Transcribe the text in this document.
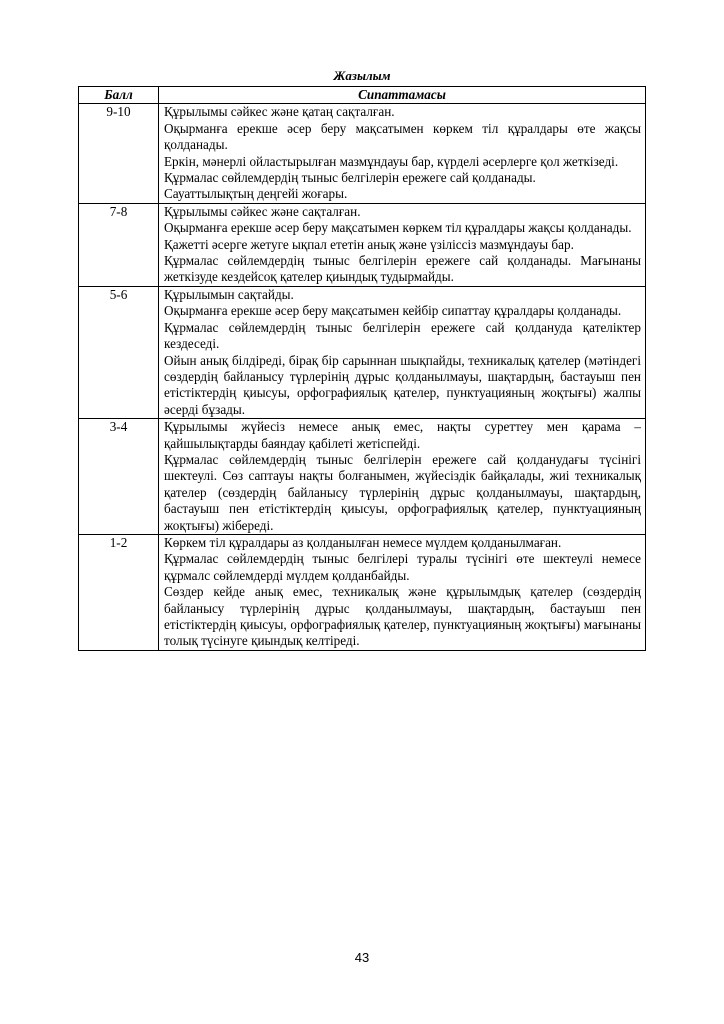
Жазылым
Балл	Сипаттамасы
9-10	Құрылымы сәйкес және қатаң сақталған.

Оқырманға ерекше әсер беру мақсатымен көркем тіл құралдары өте жақсы қолданады.

Еркін, мәнерлі ойластырылған мазмұндауы бар, күрделі әсерлерге қол жеткізеді.

Құрмалас сөйлемдердің тыныс белгілерін ережеге сай қолданады.

Сауаттылықтың деңгейі жоғары.

7-8	Құрылымы сәйкес және сақталған.

Оқырманға ерекше әсер беру мақсатымен көркем тіл құралдары жақсы қолданады.

Қажетті әсерге жетуге ықпал ететін анық және үзіліссіз мазмұндауы бар.

Құрмалас сөйлемдердің тыныс белгілерін ережеге сай қолданады. Мағынаны жеткізуде кездейсоқ қателер қиындық тудырмайды.

5-6	Құрылымын сақтайды.

Оқырманға ерекше әсер беру мақсатымен кейбір сипаттау құралдары қолданады.

Құрмалас сөйлемдердің тыныс белгілерін ережеге сай қолдануда қателіктер кездеседі.

Ойын анық білдіреді, бірақ бір сарыннан шықпайды, техникалық қателер (мәтіндегі сөздердің байланысу түрлерінің дұрыс қолданылмауы, шақтардың, бастауыш пен етістіктердің қиысуы, орфографиялық қателер, пунктуацияның жоқтығы) жалпы әсерді бұзады.

3-4	Құрылымы жүйесіз немесе анық емес, нақты суреттеу мен қарама – қайшылықтарды баяндау қабілеті жетіспейді.

Құрмалас сөйлемдердің тыныс белгілерін ережеге сай қолданудағы түсінігі шектеулі. Сөз саптауы нақты болғанымен, жүйесіздік байқалады, жиі техникалық қателер (сөздердің байланысу түрлерінің дұрыс қолданылмауы, шақтардың, бастауыш пен етістіктердің қиысуы, орфографиялық қателер, пунктуацияның жоқтығы) жібереді.

1-2	Көркем тіл құралдары аз қолданылған немесе мүлдем қолданылмаған.

Құрмалас сөйлемдердің тыныс белгілері туралы түсінігі өте шектеулі немесе құрмалс сөйлемдерді мүлдем қолданбайды.

Сөздер кейде анық емес, техникалық және құрылымдық қателер (сөздердің байланысу түрлерінің дұрыс қолданылмауы, шақтардың, бастауыш пен етістіктердің қиысуы, орфографиялық қателер, пунктуацияның жоқтығы) мағынаны толық түсінуге қиындық келтіреді.

43
